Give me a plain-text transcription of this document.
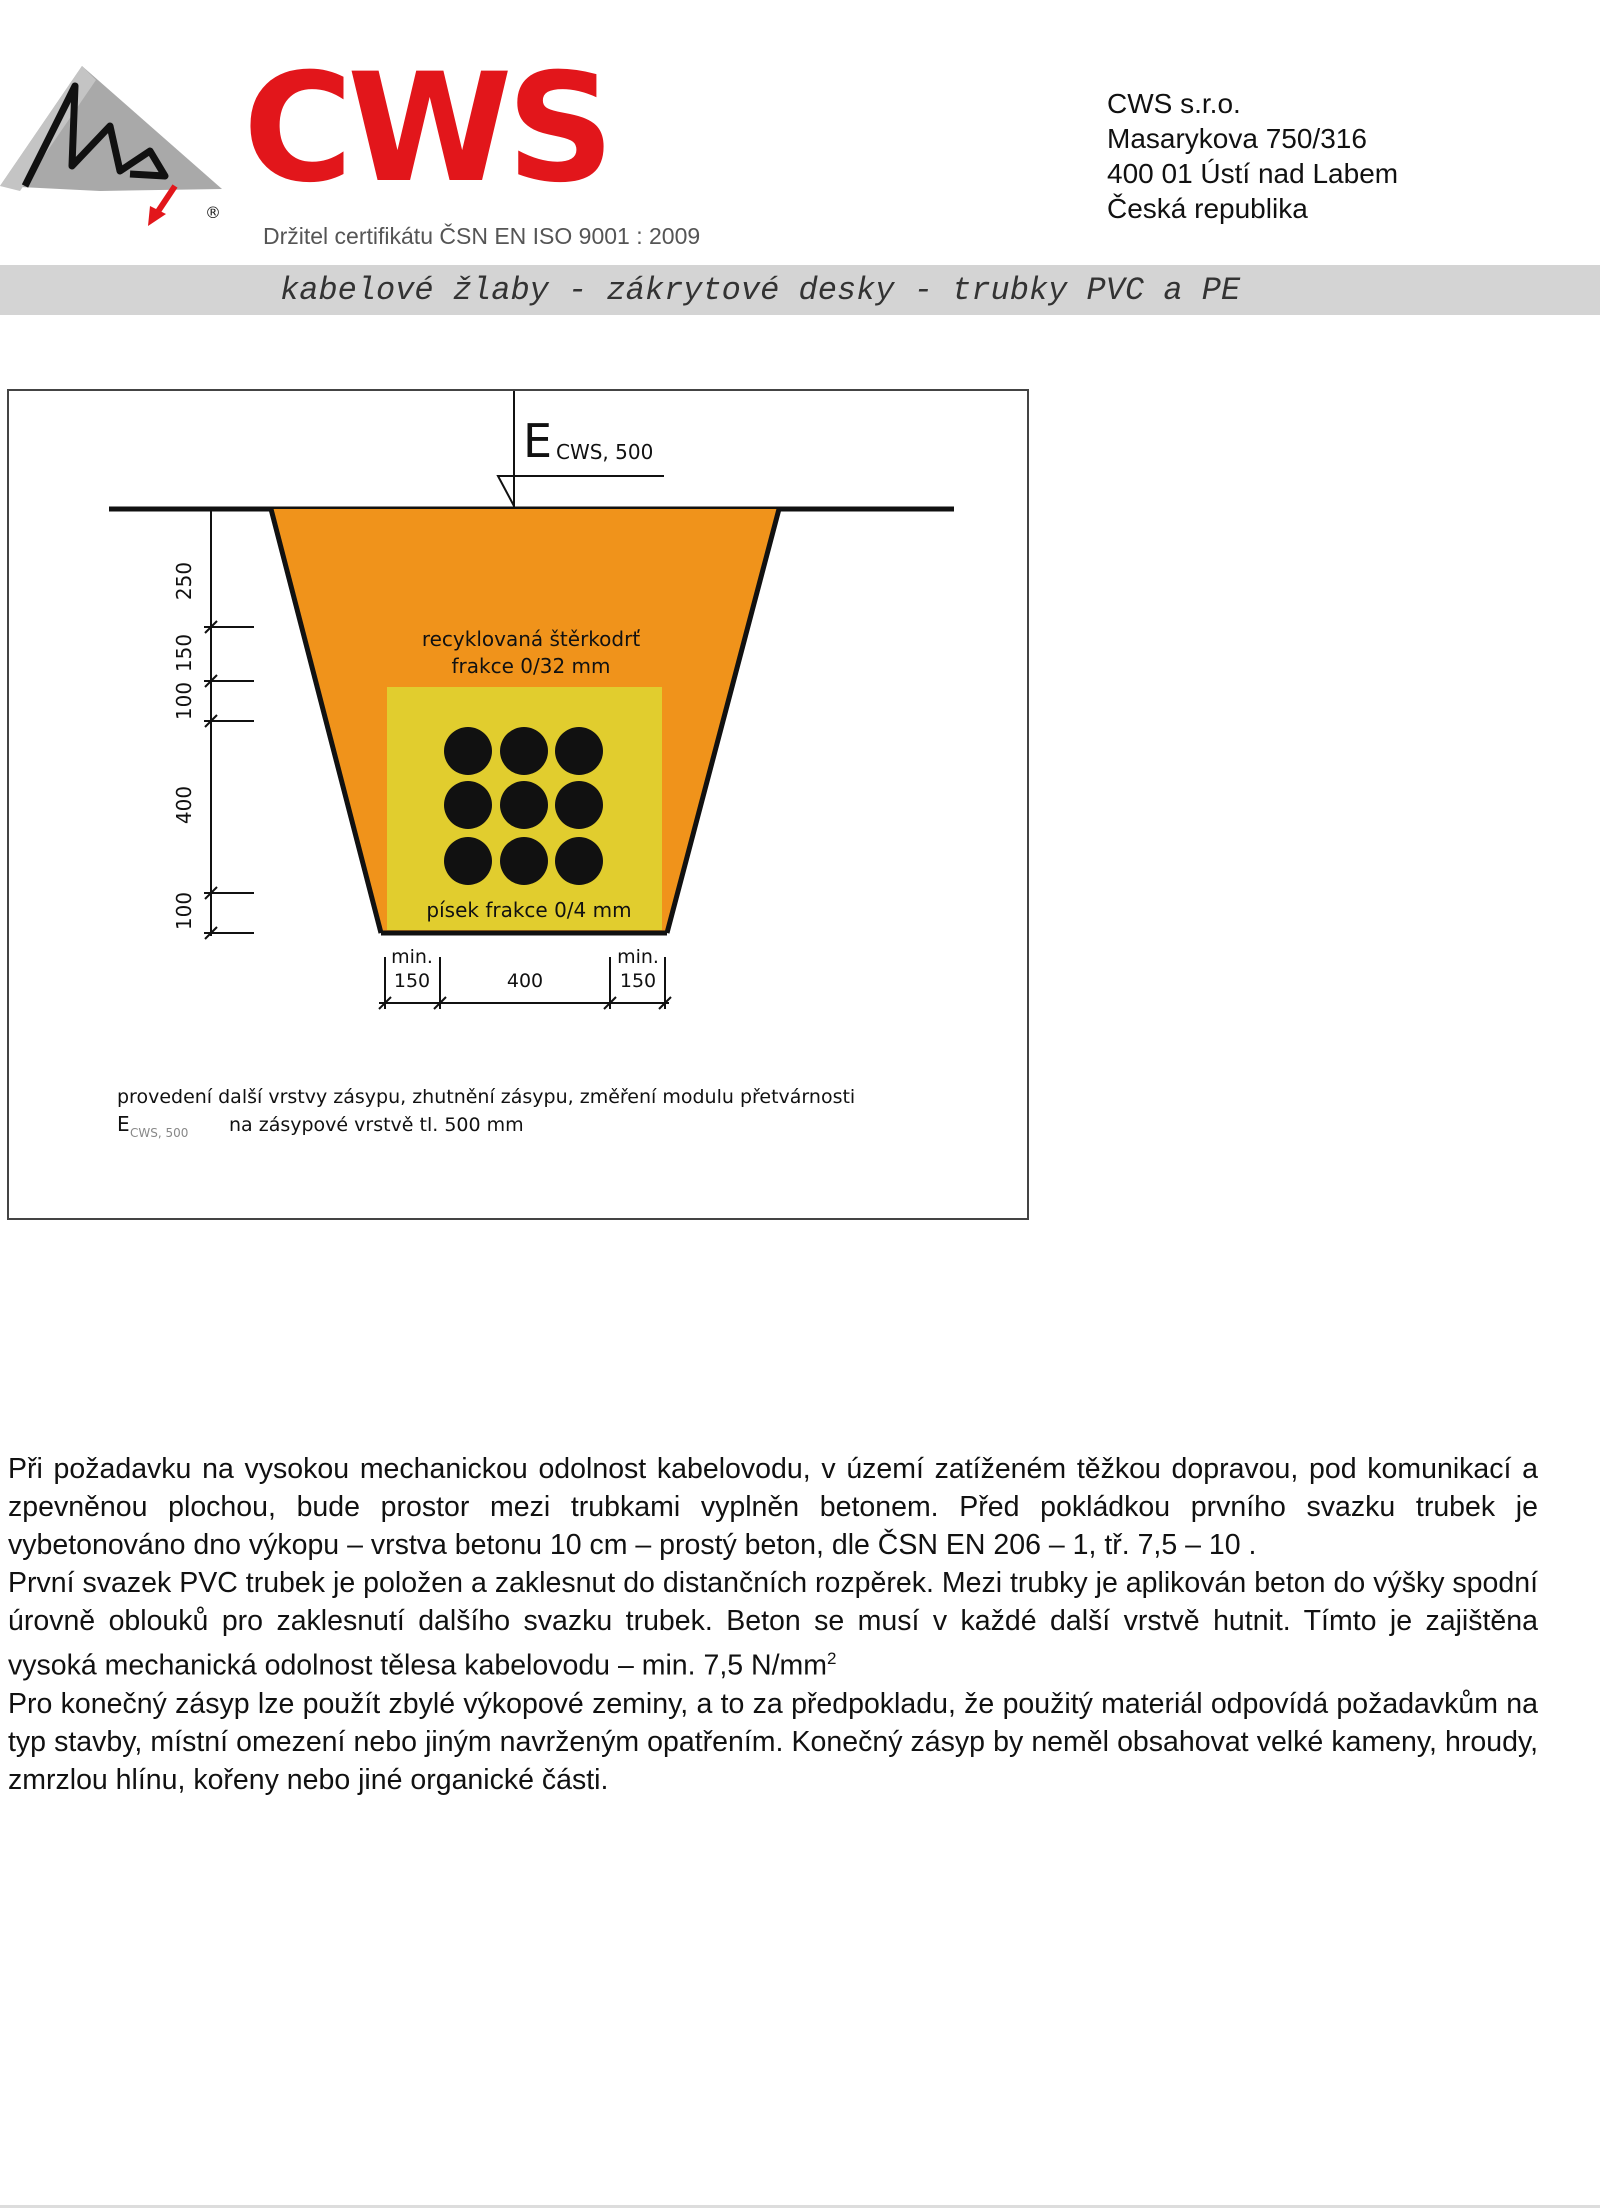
® CWS
Držitel certifikátu ČSN EN ISO 9001 : 2009
CWS s.r.o.
Masarykova 750/316
400 01 Ústí nad Labem
Česká republika
kabelové žlaby - zákrytové desky - trubky PVC a PE
recyklovaná štěrkodrť
frakce 0/32 mm
písek frakce 0/4 mm
E CWS, 500
250
150
100
400
100
min.
150	400
min.
150
provedení další vrstvy zásypu, zhutnění zásypu, změření modulu přetvárnosti
E CWS, 500 na zásypové vrstvě tl. 500 mm

Při požadavku na vysokou mechanickou odolnost kabelovodu, v území zatíženém těžkou dopravou, pod komunikací a zpevněnou plochou, bude prostor mezi trubkami vyplněn betonem. Před pokládkou prvního svazku trubek je vybetonováno dno výkopu – vrstva betonu 10 cm – prostý beton, dle ČSN EN 206 – 1, tř. 7,5 – 10 .

První svazek PVC trubek je položen a zaklesnut do distančních rozpěrek. Mezi trubky je aplikován beton do výšky spodní úrovně oblouků pro zaklesnutí dalšího svazku trubek. Beton se musí v každé další vrstvě hutnit. Tímto je zajištěna vysoká mechanická odolnost tělesa kabelovodu – min. 7,5 $N/mm^2$

Pro konečný zásyp lze použít zbylé výkopové zeminy, a to za předpokladu, že použitý materiál odpovídá požadavkům na typ stavby, místní omezení nebo jiným navrženým opatřením. Konečný zásyp by neměl obsahovat velké kameny, hroudy, zmrzlou hlínu, kořeny nebo jiné organické části.
